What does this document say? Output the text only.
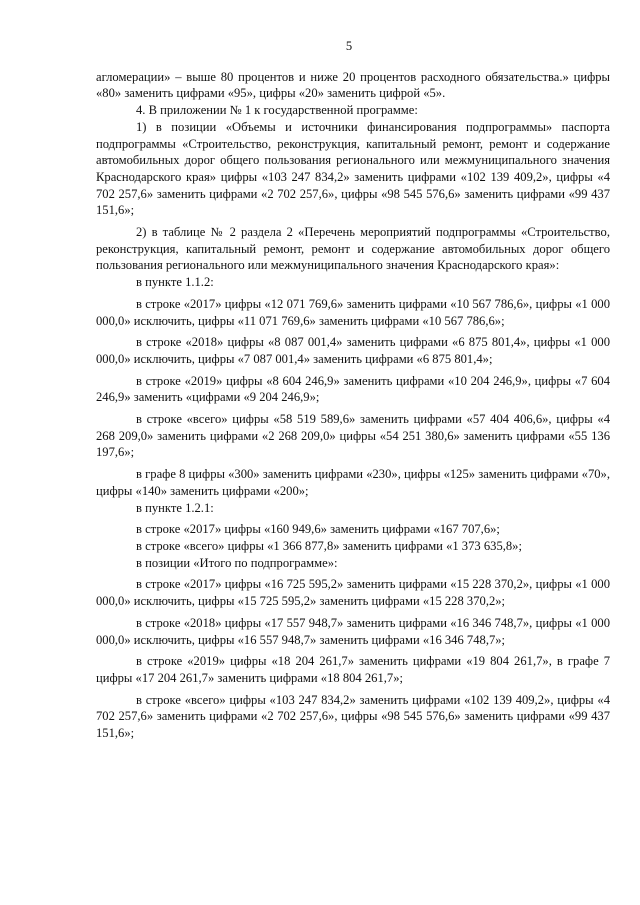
5

агломерации» – выше 80 процентов и ниже 20 процентов расходного обязательства.» цифры «80» заменить цифрами «95», цифры «20» заменить цифрой «5».

4. В приложении № 1 к государственной программе:

1) в позиции «Объемы и источники финансирования подпрограммы» паспорта подпрограммы «Строительство, реконструкция, капитальный ремонт, ремонт и содержание автомобильных дорог общего пользования регионального или межмуниципального значения Краснодарского края» цифры «103 247 834,2» заменить цифрами «102 139 409,2», цифры «4 702 257,6» заменить цифрами «2 702 257,6», цифры «98 545 576,6» заменить цифрами «99 437 151,6»;

2) в таблице № 2 раздела 2 «Перечень мероприятий подпрограммы «Строительство, реконструкция, капитальный ремонт, ремонт и содержание автомобильных дорог общего пользования регионального или межмуниципального значения Краснодарского края»:

в пункте 1.1.2:

в строке «2017» цифры «12 071 769,6» заменить цифрами «10 567 786,6», цифры «1 000 000,0» исключить, цифры «11 071 769,6» заменить цифрами «10 567 786,6»;

в строке «2018» цифры «8 087 001,4» заменить цифрами «6 875 801,4», цифры «1 000 000,0» исключить, цифры «7 087 001,4» заменить цифрами «6 875 801,4»;

в строке «2019» цифры «8 604 246,9» заменить цифрами «10 204 246,9», цифры «7 604 246,9» заменить «цифрами «9 204 246,9»;

в строке «всего» цифры «58 519 589,6» заменить цифрами «57 404 406,6», цифры «4 268 209,0» заменить цифрами «2 268 209,0» цифры «54 251 380,6» заменить цифрами «55 136 197,6»;

в графе 8 цифры «300» заменить цифрами «230», цифры «125» заменить цифрами «70», цифры «140» заменить цифрами «200»;

в пункте 1.2.1:

в строке «2017» цифры «160 949,6» заменить цифрами «167 707,6»;

в строке «всего» цифры «1 366 877,8» заменить цифрами «1 373 635,8»;

в позиции «Итого по подпрограмме»:

в строке «2017» цифры «16 725 595,2» заменить цифрами «15 228 370,2», цифры «1 000 000,0» исключить, цифры «15 725 595,2» заменить цифрами «15 228 370,2»;

в строке «2018» цифры «17 557 948,7» заменить цифрами «16 346 748,7», цифры «1 000 000,0» исключить, цифры «16 557 948,7» заменить цифрами «16 346 748,7»;

в строке «2019» цифры «18 204 261,7» заменить цифрами «19 804 261,7», в графе 7 цифры «17 204 261,7» заменить цифрами «18 804 261,7»;

в строке «всего» цифры «103 247 834,2» заменить цифрами «102 139 409,2», цифры «4 702 257,6» заменить цифрами «2 702 257,6», цифры «98 545 576,6» заменить цифрами «99 437 151,6»;
